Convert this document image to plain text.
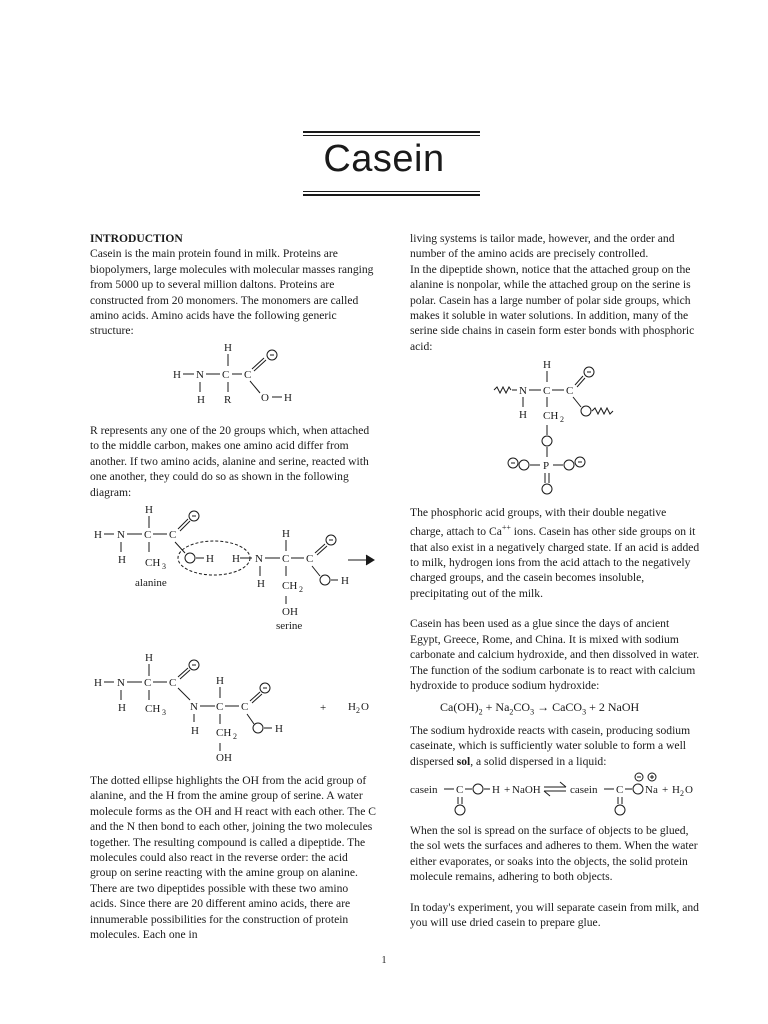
Casein

INTRODUCTION

Casein is the main protein found in milk. Proteins are biopolymers, large molecules with molecular masses ranging from 5000 up to several million daltons. Proteins are constructed from 20 monomers. The monomers are called amino acids. Amino acids have the following generic structure:

H
H N C C
H R	O H

R represents any one of the 20 groups which, when attached to the middle carbon, makes one amino acid differ from another. If two amino acids, alanine and serine, reacted with one another, they could do so as shown in the following diagram:

H
H N C C
H CH 3
alanine
H H N
H
C C
H CH 2
H
OH
serine
H
H N C C
H CH 3 N
H
C C
H CH 2
H
OH
+ H 2 O

The dotted ellipse highlights the OH from the acid group of alanine, and the H from the amine group of serine. A water molecule forms as the OH and H react with each other. The C and the N then bond to each other, joining the two molecules together. The resulting compound is called a dipeptide. The molecules could also react in the reverse order: the acid group on serine reacting with the amine group on alanine. There are two dipeptides possible with these two amino acids. Since there are 20 different amino acids, there are innumerable possibilities for the construction of protein molecules. Each one in

living systems is tailor made, however, and the order and number of the amino acids are precisely controlled.

In the dipeptide shown, notice that the attached group on the alanine is nonpolar, while the attached group on the serine is polar. Casein has a large number of polar side groups, which makes it soluble in water solutions. In addition, many of the serine side chains in casein form ester bonds with phosphoric acid:

H
N C C
H CH 2
P

The phosphoric acid groups, with their double negative charge, attach to Ca++ ions. Casein has other side groups on it that also exist in a negatively charged state. If an acid is added to milk, hydrogen ions from the acid attach to the negatively charged groups, and the casein becomes insoluble, precipitating out of the milk.

Casein has been used as a glue since the days of ancient Egypt, Greece, Rome, and China. It is mixed with sodium carbonate and calcium hydroxide, and then dissolved in water. The function of the sodium carbonate is to react with calcium hydroxide to produce sodium hydroxide:

$Ca(OH)_2 + Na_2CO_3$ → CaCO$_3$ + 2 NaOH

The sodium hydroxide reacts with casein, producing sodium caseinate, which is sufficiently water soluble to form a well dispersed sol, a solid dispersed in a liquid:

casein C	H + NaOH	casein C Na + H 2 O

When the sol is spread on the surface of objects to be glued, the sol wets the surfaces and adheres to them. When the water either evaporates, or soaks into the objects, the solid protein molecule remains, adhering to both objects.

In today's experiment, you will separate casein from milk, and you will use dried casein to prepare glue.

1
